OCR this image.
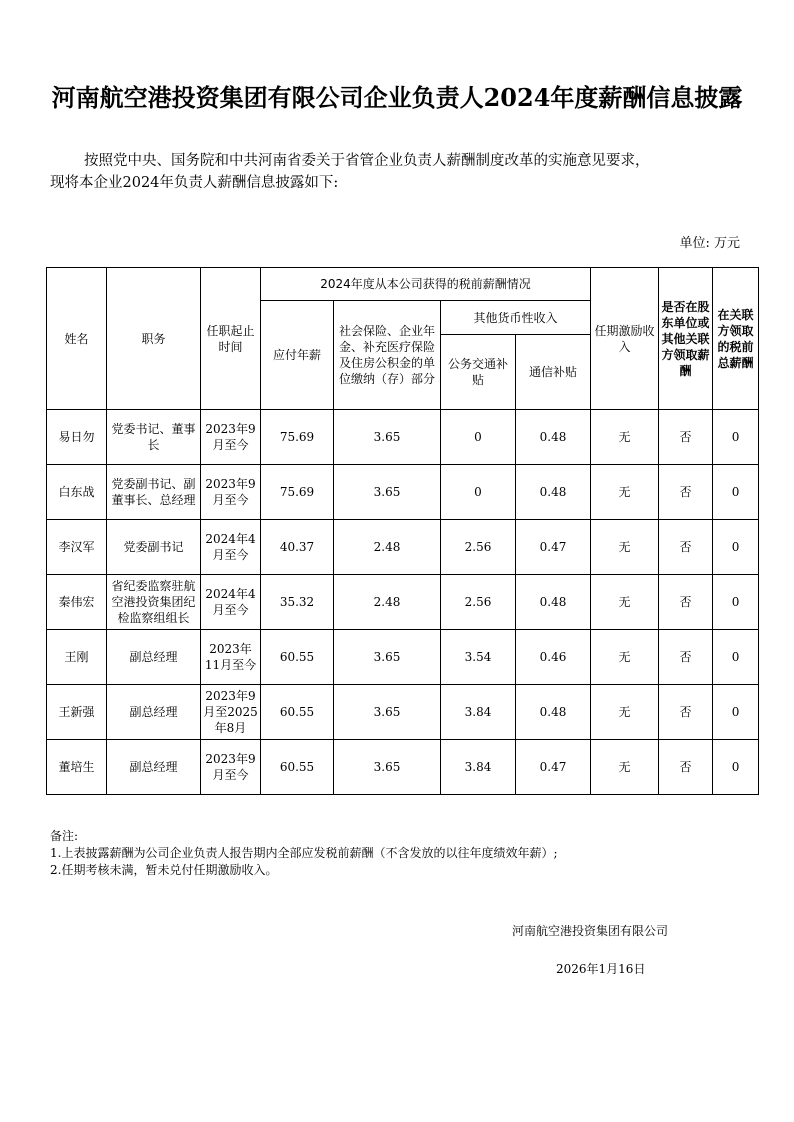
河南航空港投资集团有限公司企业负责人2024年度薪酬信息披露

按照党中央、国务院和中共河南省委关于省管企业负责人薪酬制度改革的实施意见要求，

现将本企业2024年负责人薪酬信息披露如下:

单位: 万元
姓名	职务	任职起止时间	2024年度从本公司获得的税前薪酬情况				任期激励收入	是否在股东单位或其他关联方领取薪酬	在关联方领取的税前总薪酬
			应付年薪	社会保险、企业年金、补充医疗保险及住房公积金的单位缴纳（存）部分	其他货币性收入				
					公务交通补贴	通信补贴			
易日勿	党委书记、董事长	2023年9月至今	75.69	3.65	0	0.48	无	否	0
白东战	党委副书记、副董事长、总经理	2023年9月至今	75.69	3.65	0	0.48	无	否	0
李汉军	党委副书记	2024年4月至今	40.37	2.48	2.56	0.47	无	否	0
秦伟宏	省纪委监察驻航空港投资集团纪检监察组组长	2024年4月至今	35.32	2.48	2.56	0.48	无	否	0
王刚	副总经理	2023年11月至今	60.55	3.65	3.54	0.46	无	否	0
王新强	副总经理	2023年9月至2025年8月	60.55	3.65	3.84	0.48	无	否	0
董培生	副总经理	2023年9月至今	60.55	3.65	3.84	0.47	无	否	0
备注:
1.上表披露薪酬为公司企业负责人报告期内全部应发税前薪酬（不含发放的以往年度绩效年薪）;
2.任期考核未满，暂未兑付任期激励收入。
河南航空港投资集团有限公司
2026年1月16日
